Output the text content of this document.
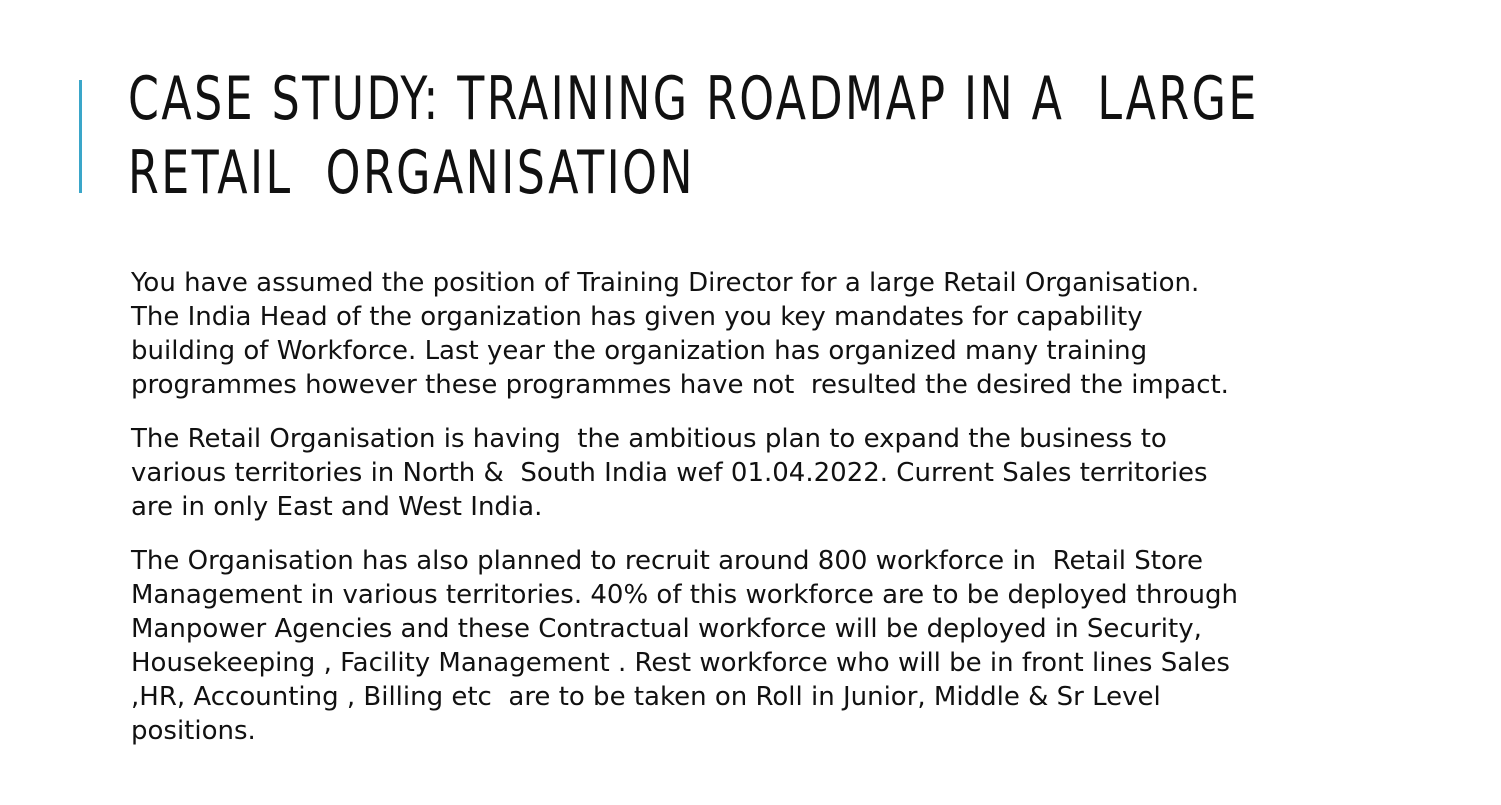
CASE STUDY: TRAINING ROADMAP IN A  LARGE
RETAIL  ORGANISATION

You have assumed the position of Training Director for a large Retail Organisation.
The India Head of the organization has given you key mandates for capability
building of Workforce. Last year the organization has organized many training
programmes however these programmes have not  resulted the desired the impact.

The Retail Organisation is having  the ambitious plan to expand the business to
various territories in North &  South India wef 01.04.2022. Current Sales territories
are in only East and West India.

The Organisation has also planned to recruit around 800 workforce in  Retail Store
Management in various territories. 40% of this workforce are to be deployed through
Manpower Agencies and these Contractual workforce will be deployed in Security,
Housekeeping , Facility Management . Rest workforce who will be in front lines Sales
,HR, Accounting , Billing etc  are to be taken on Roll in Junior, Middle & Sr Level
positions.
